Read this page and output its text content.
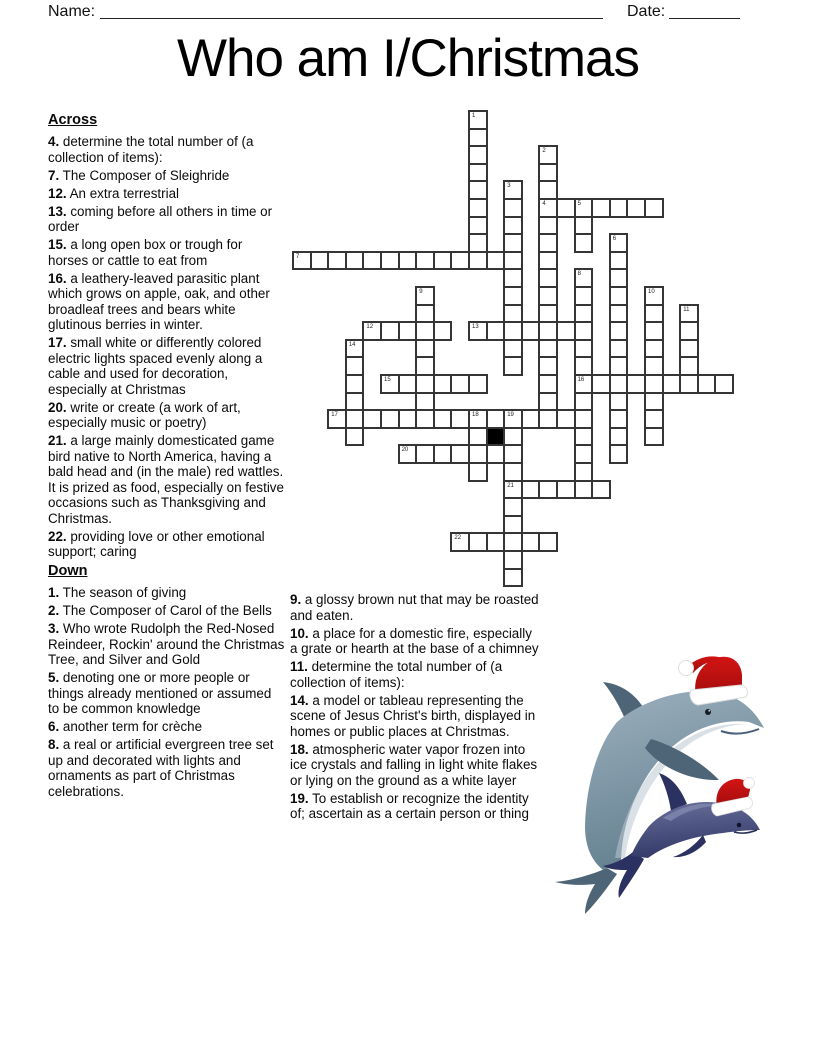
Name:	Date:
Who am I/Christmas
1
2
4
3
5
6
7
8
16
9	10
11
12	13
14
15
17	18	19
21
20
22
Across

4. determine the total number of (a collection of items):

7. The Composer of Sleighride

12. An extra terrestrial

13. coming before all others in time or order

15. a long open box or trough for horses or cattle to eat from

16. a leathery-leaved parasitic plant which grows on apple, oak, and other broadleaf trees and bears white glutinous berries in winter.

17. small white or differently colored electric lights spaced evenly along a cable and used for decoration, especially at Christmas

20. write or create (a work of art, especially music or poetry)

21. a large mainly domesticated game bird native to North America, having a bald head and (in the male) red wattles. It is prized as food, especially on festive occasions such as Thanksgiving and Christmas.

22. providing love or other emotional support; caring

Down

1. The season of giving

2. The Composer of Carol of the Bells

3. Who wrote Rudolph the Red-Nosed Reindeer, Rockin' around the Christmas Tree, and Silver and Gold

5. denoting one or more people or things already mentioned or assumed to be common knowledge

6. another term for crèche

8. a real or artificial evergreen tree set up and decorated with lights and ornaments as part of Christmas celebrations.

9. a glossy brown nut that may be roasted and eaten.

10. a place for a domestic fire, especially a grate or hearth at the base of a chimney

11. determine the total number of (a collection of items):

14. a model or tableau representing the scene of Jesus Christ's birth, displayed in homes or public places at Christmas.

18. atmospheric water vapor frozen into ice crystals and falling in light white flakes or lying on the ground as a white layer

19. To establish or recognize the identity of; ascertain as a certain person or thing
